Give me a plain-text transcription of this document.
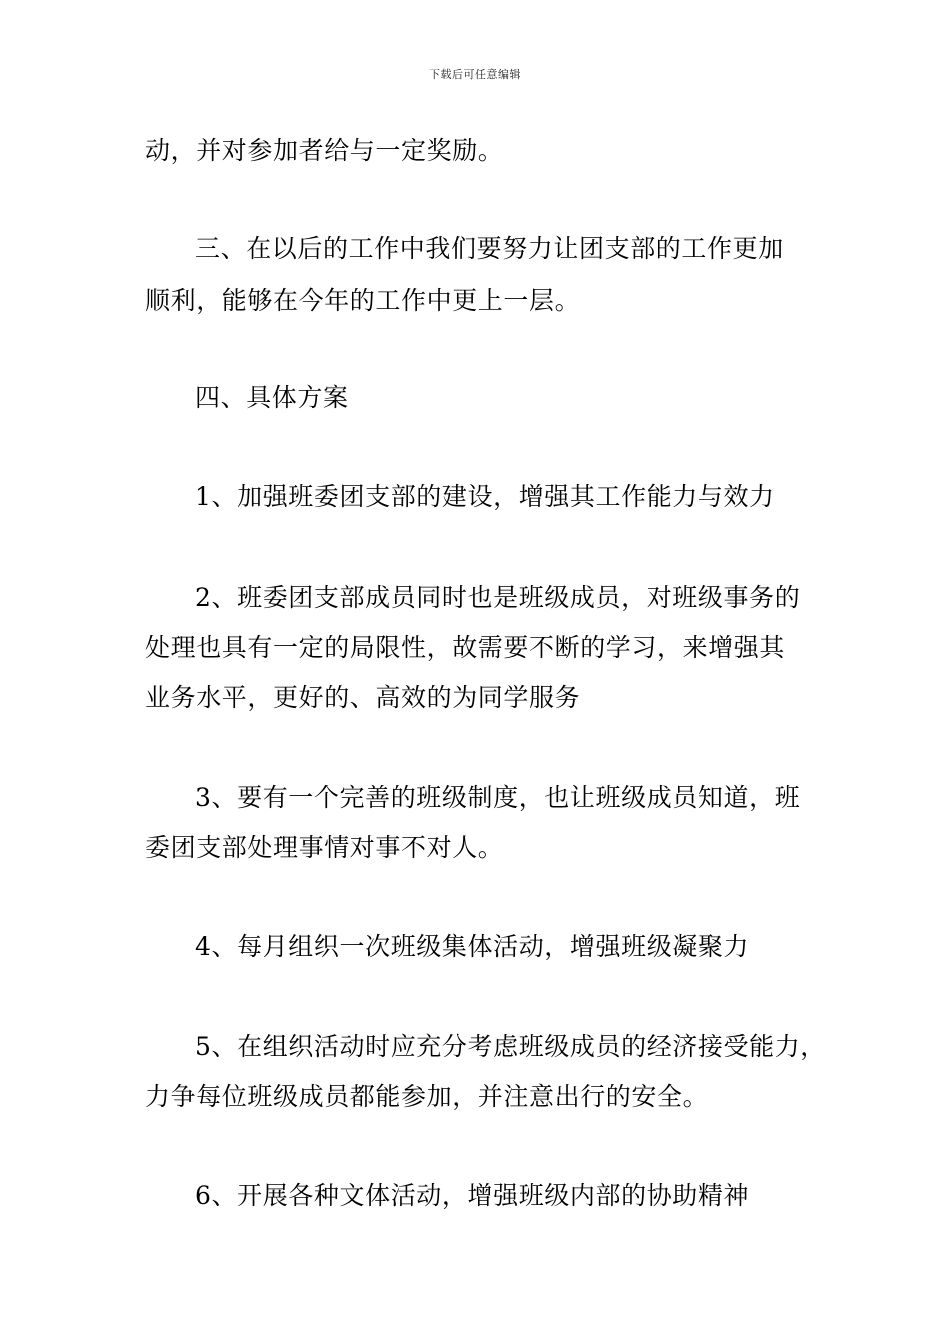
下载后可任意编辑
动，并对参加者给与一定奖励。
三、在以后的工作中我们要努力让团支部的工作更加
顺利，能够在今年的工作中更上一层。
四、具体方案
1、加强班委团支部的建设，增强其工作能力与效力
2、班委团支部成员同时也是班级成员，对班级事务的
处理也具有一定的局限性，故需要不断的学习，来增强其
业务水平，更好的、高效的为同学服务
3、要有一个完善的班级制度，也让班级成员知道，班
委团支部处理事情对事不对人。
4、每月组织一次班级集体活动，增强班级凝聚力
5、在组织活动时应充分考虑班级成员的经济接受能力，
力争每位班级成员都能参加，并注意出行的安全。
6、开展各种文体活动，增强班级内部的协助精神
